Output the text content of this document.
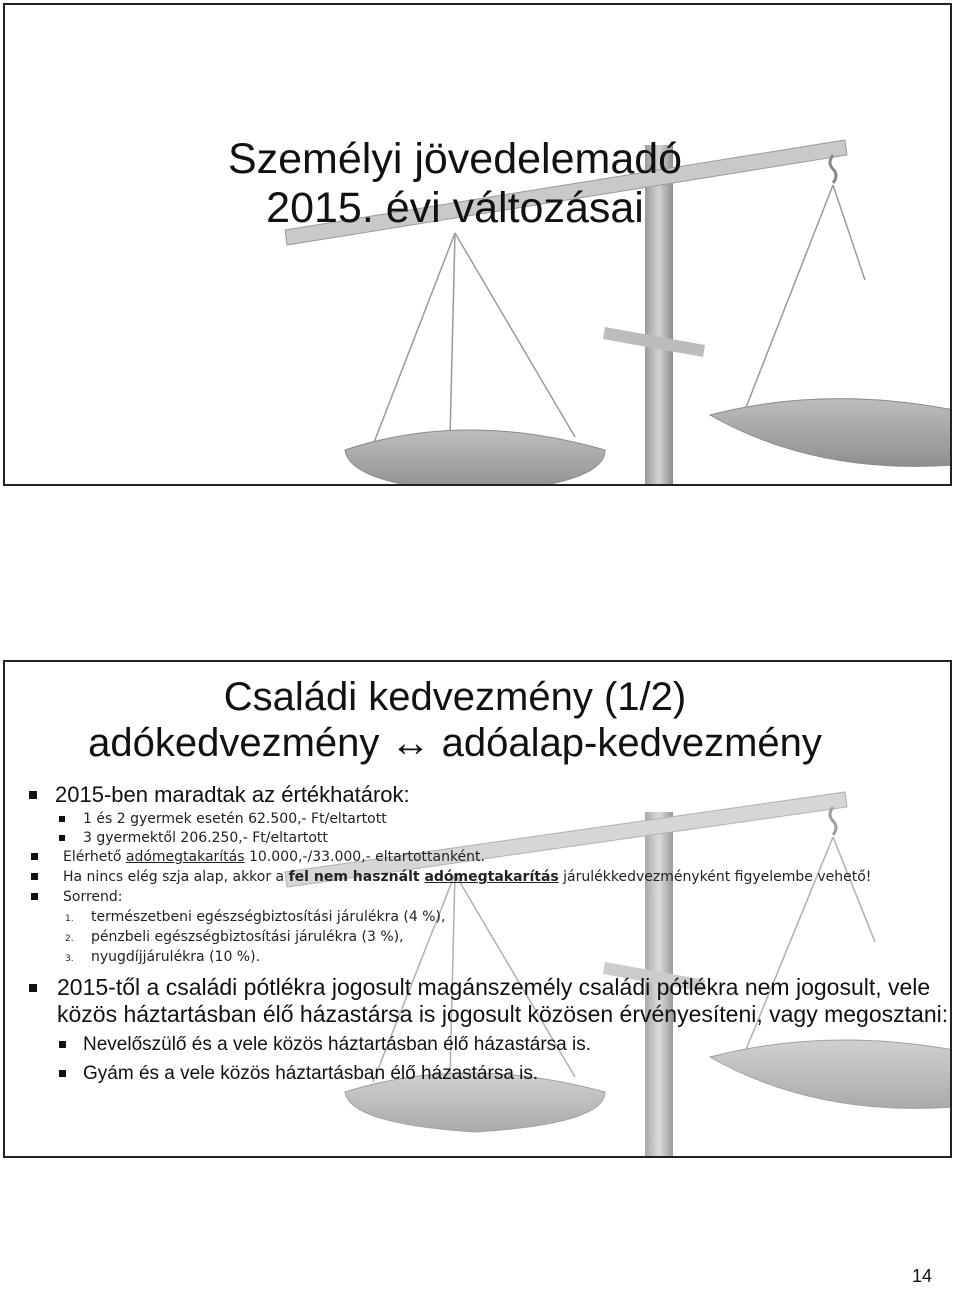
Személyi jövedelemadó
2015. évi változásai
Családi kedvezmény (1/2)
adókedvezmény ↔ adóalap-kedvezmény
2015-ben maradtak az értékhatárok:
1 és 2 gyermek esetén 62.500,- Ft/eltartott
3 gyermektől 206.250,- Ft/eltartott
Elérhető adómegtakarítás 10.000,-/33.000,- eltartottanként.
Ha nincs elég szja alap, akkor a fel nem használt adómegtakarítás járulékkedvezményként figyelembe vehető!
Sorrend:
1. természetbeni egészségbiztosítási járulékra (4 %),
2. pénzbeli egészségbiztosítási járulékra (3 %),
3. nyugdíjjárulékra (10 %).
2015-től a családi pótlékra jogosult magánszemély családi pótlékra nem jogosult, vele közös háztartásban élő házastársa is jogosult közösen érvényesíteni, vagy megosztani:
Nevelőszülő és a vele közös háztartásban élő házastársa is.
Gyám és a vele közös háztartásban élő házastársa is.
14
